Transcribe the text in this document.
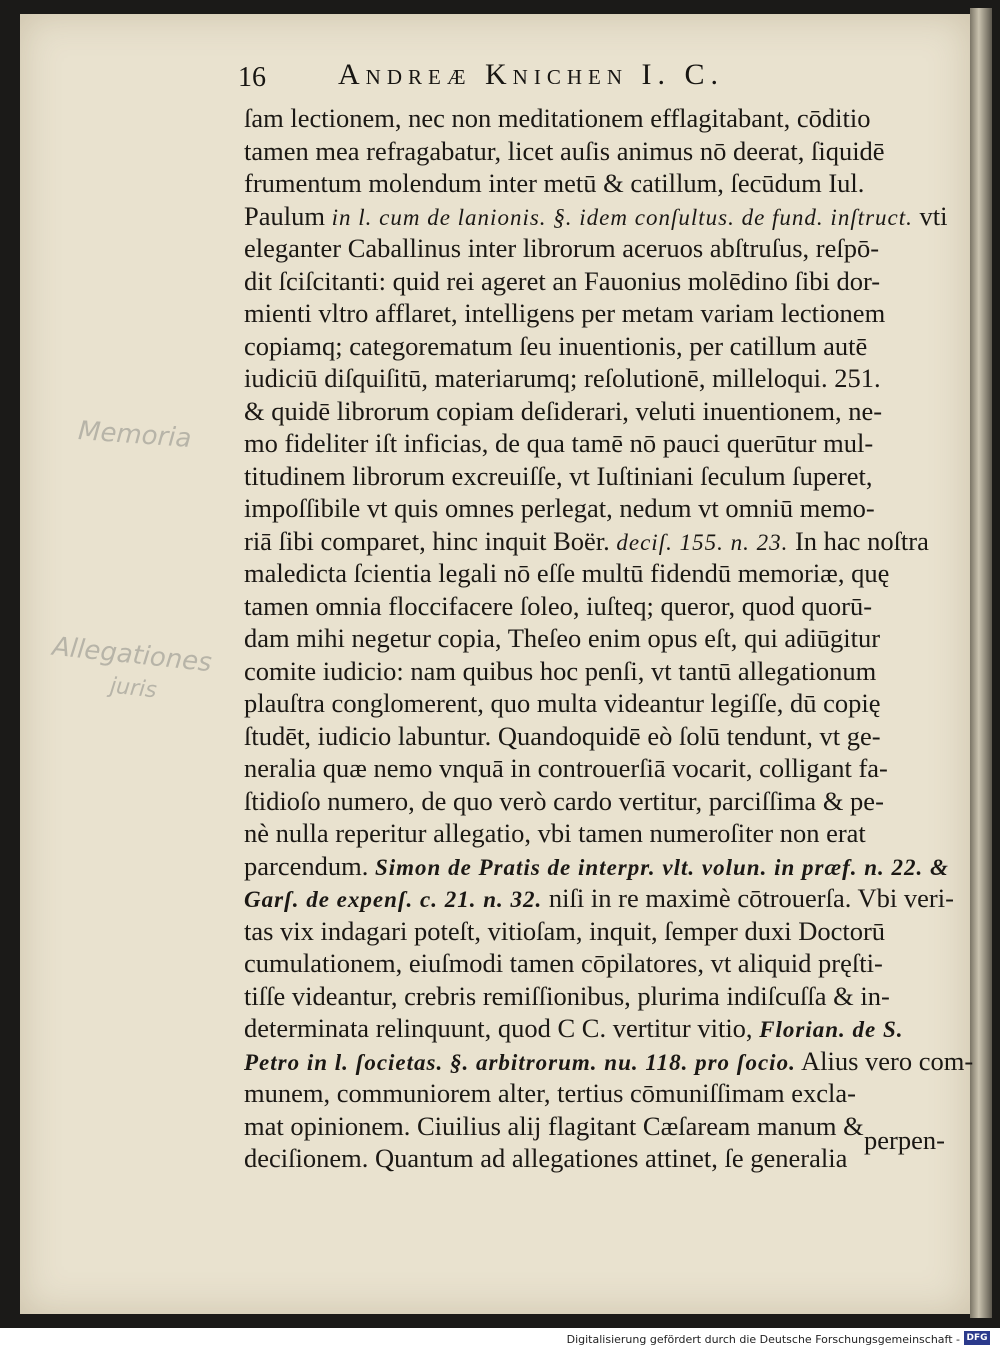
16 Andreæ Knichen I. C.
ſam lectionem, nec non meditationem efflagitabant, cōditio
tamen mea refragabatur, licet auſis animus nō deerat, ſiquidē
frumentum molendum inter metū & catillum, ſecūdum Iul.
Paulum in l. cum de lanionis. §. idem conſultus. de fund. inſtruct. vti
eleganter Caballinus inter librorum aceruos abſtruſus, reſpō-
dit ſciſcitanti: quid rei ageret an Fauonius molēdino ſibi dor-
mienti vltro afflaret, intelligens per metam variam lectionem
copiamq; categorematum ſeu inuentionis, per catillum autē
iudiciū diſquiſitū, materiarumq; reſolutionē, milleloqui. 251.
& quidē librorum copiam deſiderari, veluti inuentionem, ne-
mo fideliter iſt inficias, de qua tamē nō pauci querūtur mul-
titudinem librorum excreuiſſe, vt Iuſtiniani ſeculum ſuperet,
impoſſibile vt quis omnes perlegat, nedum vt omniū memo-
riā ſibi comparet, hinc inquit Boër. deciſ. 155. n. 23. In hac noſtra
maledicta ſcientia legali nō eſſe multū fidendū memoriæ, quę
tamen omnia floccifacere ſoleo, iuſteq; queror, quod quorū-
dam mihi negetur copia, Theſeo enim opus eſt, qui adiūgitur
comite iudicio: nam quibus hoc penſi, vt tantū allegationum
plauſtra conglomerent, quo multa videantur legiſſe, dū copię
ſtudēt, iudicio labuntur. Quandoquidē eò ſolū tendunt, vt ge-
neralia quæ nemo vnquā in controuerſiā vocarit, colligant fa-
ſtidioſo numero, de quo verò cardo vertitur, parciſſima & pe-
nè nulla reperitur allegatio, vbi tamen numeroſiter non erat
parcendum. Simon de Pratis de interpr. vlt. volun. in præf. n. 22. &
Garſ. de expenſ. c. 21. n. 32. niſi in re maximè cōtrouerſa. Vbi veri-
tas vix indagari poteſt, vitioſam, inquit, ſemper duxi Doctorū
cumulationem, eiuſmodi tamen cōpilatores, vt aliquid pręſti-
tiſſe videantur, crebris remiſſionibus, plurima indiſcuſſa & in-
determinata relinquunt, quod C C. vertitur vitio, Florian. de S.
Petro in l. ſocietas. §. arbitrorum. nu. 118. pro ſocio. Alius vero com-
munem, communiorem alter, tertius cōmuniſſimam excla-
mat opinionem. Ciuilius alij flagitant Cæſaream manum &
deciſionem. Quantum ad allegationes attinet, ſe generalia
perpen-
Memoria
Allegationes
juris
Digitalisierung gefördert durch die Deutsche Forschungsgemeinschaft - DFG
